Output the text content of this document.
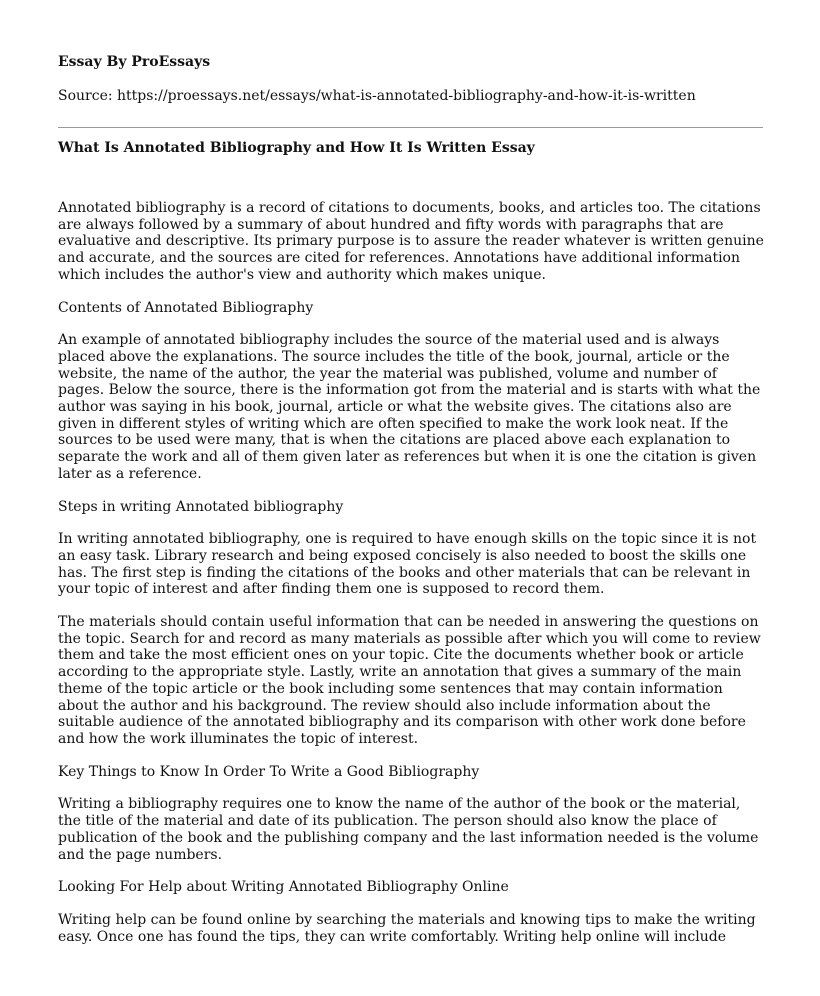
Essay By ProEssays

Source: https://proessays.net/essays/what-is-annotated-bibliography-and-how-it-is-written

What Is Annotated Bibliography and How It Is Written Essay

Annotated bibliography is a record of citations to documents, books, and articles too. The citations are always followed by a summary of about hundred and fifty words with paragraphs that are evaluative and descriptive. Its primary purpose is to assure the reader whatever is written genuine and accurate, and the sources are cited for references. Annotations have additional information which includes the author's view and authority which makes unique.

Contents of Annotated Bibliography

An example of annotated bibliography includes the source of the material used and is always placed above the explanations. The source includes the title of the book, journal, article or the website, the name of the author, the year the material was published, volume and number of pages. Below the source, there is the information got from the material and is starts with what the author was saying in his book, journal, article or what the website gives. The citations also are given in different styles of writing which are often specified to make the work look neat. If the sources to be used were many, that is when the citations are placed above each explanation to separate the work and all of them given later as references but when it is one the citation is given later as a reference.

Steps in writing Annotated bibliography

In writing annotated bibliography, one is required to have enough skills on the topic since it is not an easy task. Library research and being exposed concisely is also needed to boost the skills one has. The first step is finding the citations of the books and other materials that can be relevant in your topic of interest and after finding them one is supposed to record them.

The materials should contain useful information that can be needed in answering the questions on the topic. Search for and record as many materials as possible after which you will come to review them and take the most efficient ones on your topic. Cite the documents whether book or article according to the appropriate style. Lastly, write an annotation that gives a summary of the main theme of the topic article or the book including some sentences that may contain information about the author and his background. The review should also include information about the suitable audience of the annotated bibliography and its comparison with other work done before and how the work illuminates the topic of interest.

Key Things to Know In Order To Write a Good Bibliography

Writing a bibliography requires one to know the name of the author of the book or the material, the title of the material and date of its publication. The person should also know the place of publication of the book and the publishing company and the last information needed is the volume and the page numbers.

Looking For Help about Writing Annotated Bibliography Online

Writing help can be found online by searching the materials and knowing tips to make the writing easy. Once one has found the tips, they can write comfortably. Writing help online will include
